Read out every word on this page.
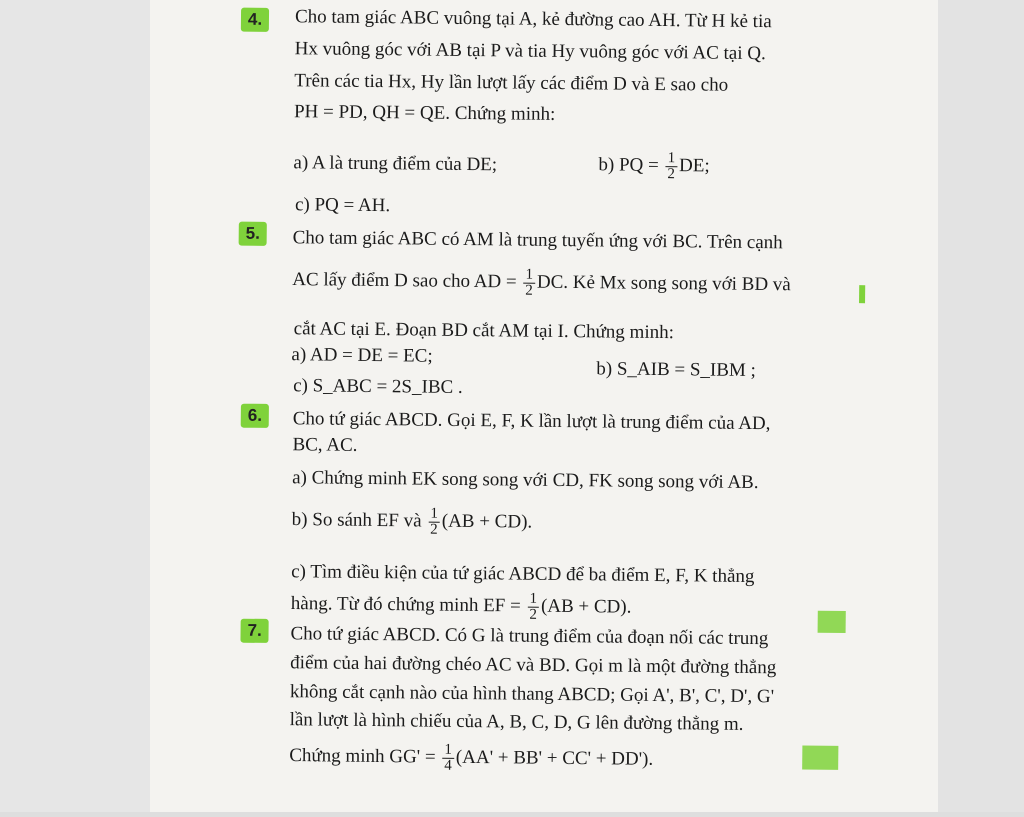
4.	Cho tam giác ABC vuông tại A, kẻ đường cao AH. Từ H kẻ tia
Hx vuông góc với AB tại P và tia Hy vuông góc với AC tại Q.
Trên các tia Hx, Hy lần lượt lấy các điểm D và E sao cho
PH = PD, QH = QE. Chứng minh:
a) A là trung điểm của DE;	b) PQ = $\frac{1}{2}$ DE;
c) PQ = AH.
5.	Cho tam giác ABC có AM là trung tuyến ứng với BC. Trên cạnh
AC lấy điểm D sao cho AD = $\frac{1}{2}$ DC. Kẻ Mx song song với BD và
cắt AC tại E. Đoạn BD cắt AM tại I. Chứng minh:
a) AD = DE = EC;
b) S_AIB = S_IBM ;
c) S_ABC = 2S_IBC .
6.	Cho tứ giác ABCD. Gọi E, F, K lần lượt là trung điểm của AD,
BC, AC.
a) Chứng minh EK song song với CD, FK song song với AB.
b) So sánh EF và $\frac{1}{2} (AB + CD)$.
c) Tìm điều kiện của tứ giác ABCD để ba điểm E, F, K thẳng
hàng. Từ đó chứng minh EF = $\frac{1}{2} (AB + CD)$.
7.	Cho tứ giác ABCD. Có G là trung điểm của đoạn nối các trung
điểm của hai đường chéo AC và BD. Gọi m là một đường thẳng
không cắt cạnh nào của hình thang ABCD; Gọi A', B', C', D', G'
lần lượt là hình chiếu của A, B, C, D, G lên đường thẳng m.
Chứng minh $GG' = \frac{1}{4} (AA' + BB' + CC' + DD')$.
